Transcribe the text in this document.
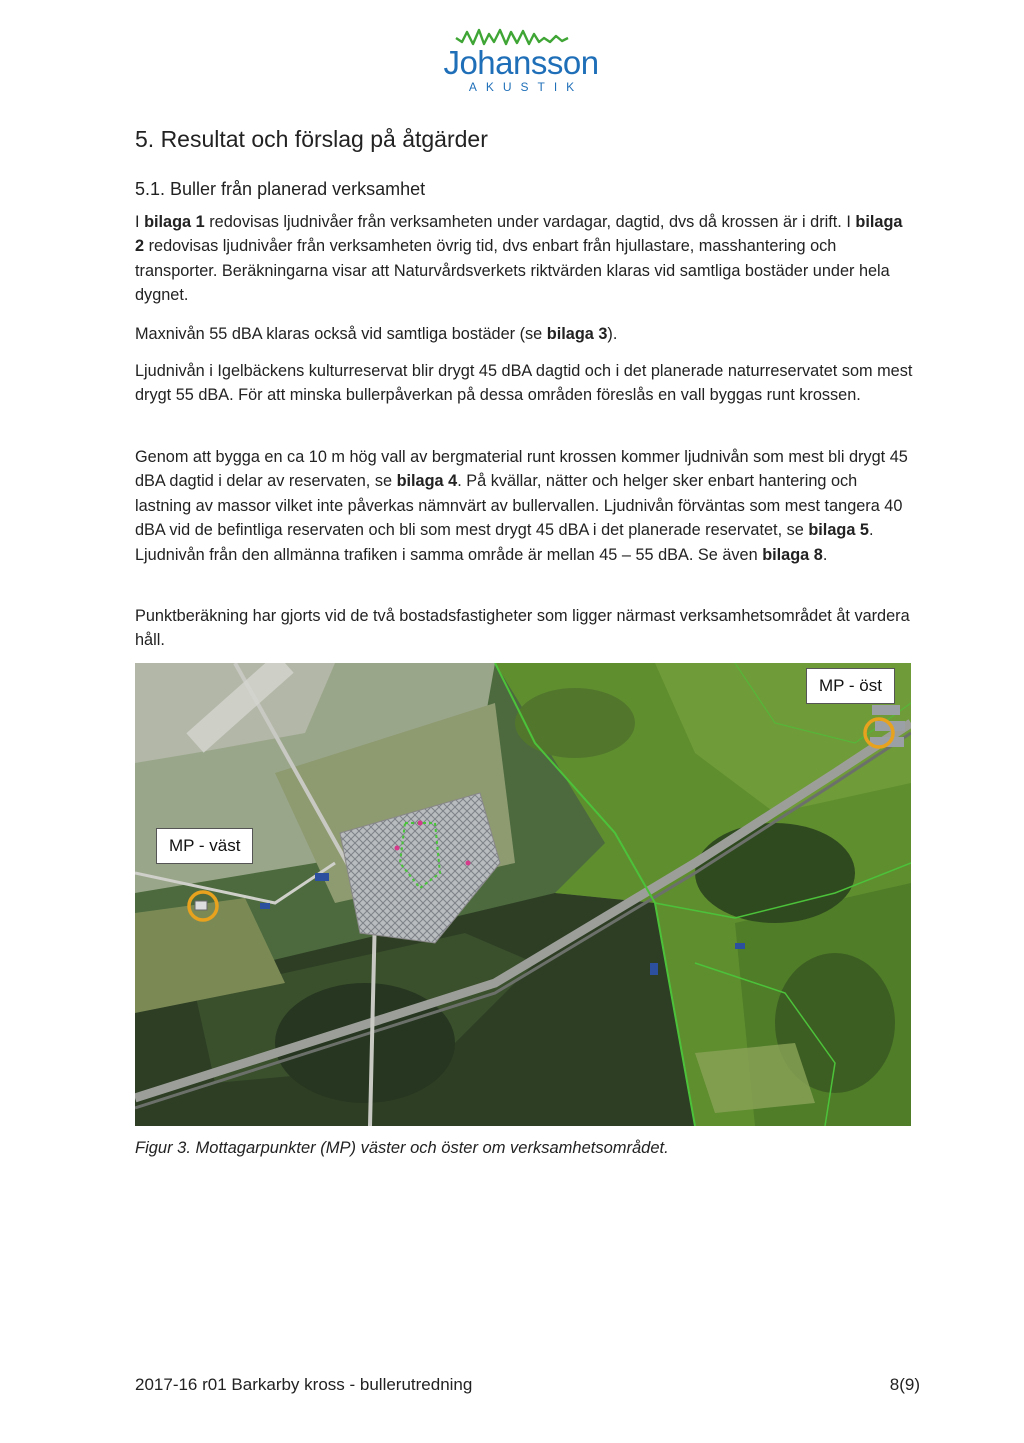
Johansson
AKUSTIK
5. Resultat och förslag på åtgärder
5.1. Buller från planerad verksamhet

I bilaga 1 redovisas ljudnivåer från verksamheten under vardagar, dagtid, dvs då krossen är i drift. I bilaga 2 redovisas ljudnivåer från verksamheten övrig tid, dvs enbart från hjullastare, masshantering och transporter. Beräkningarna visar att Naturvårdsverkets riktvärden klaras vid samtliga bostäder under hela dygnet.

Maxnivån 55 dBA klaras också vid samtliga bostäder (se bilaga 3).

Ljudnivån i Igelbäckens kulturreservat blir drygt 45 dBA dagtid och i det planerade naturreservatet som mest drygt 55 dBA. För att minska bullerpåverkan på dessa områden föreslås en vall byggas runt krossen.

Genom att bygga en ca 10 m hög vall av bergmaterial runt krossen kommer ljudnivån som mest bli drygt 45 dBA dagtid i delar av reservaten, se bilaga 4. På kvällar, nätter och helger sker enbart hantering och lastning av massor vilket inte påverkas nämnvärt av bullervallen. Ljudnivån förväntas som mest tangera 40 dBA vid de befintliga reservaten och bli som mest drygt 45 dBA i det planerade reservatet, se bilaga 5. Ljudnivån från den allmänna trafiken i samma område är mellan 45 – 55 dBA. Se även bilaga 8.

Punktberäkning har gjorts vid de två bostadsfastigheter som ligger närmast verksamhetsområdet åt vardera håll.

MP - öst
MP - väst
Figur 3. Mottagarpunkter (MP) väster och öster om verksamhetsområdet.
2017-16 r01 Barkarby kross - bullerutredning	8(9)
